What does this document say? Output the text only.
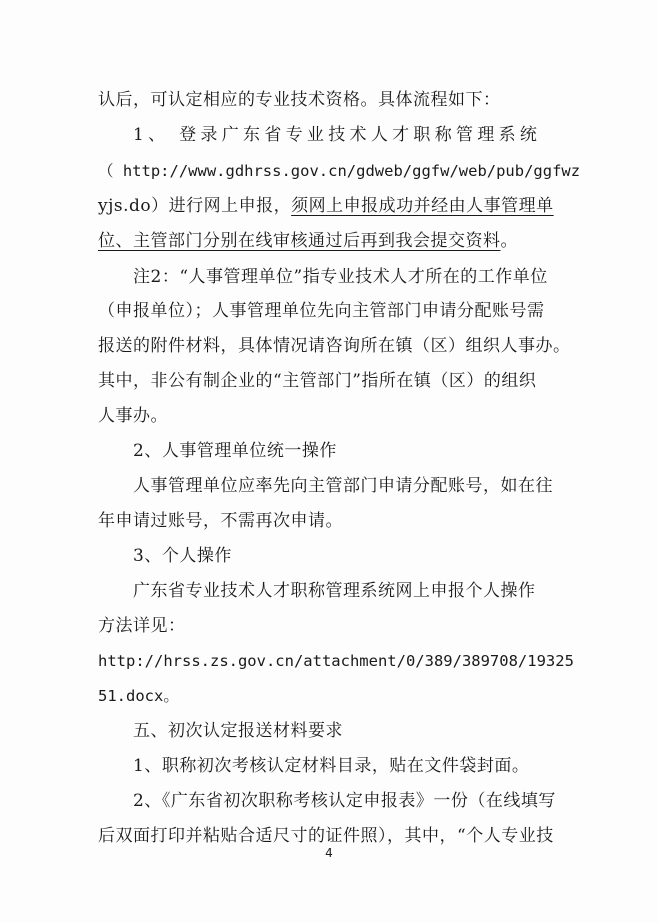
认后，可认定相应的专业技术资格。具体流程如下：
1、 登录广东省专业技术人才职称管理系统
（ http://www.gdhrss.gov.cn/gdweb/ggfw/web/pub/ggfwz
yjs.do）进行网上申报，须网上申报成功并经由人事管理单
位、主管部门分别在线审核通过后再到我会提交资料。
注2：“人事管理单位”指专业技术人才所在的工作单位
（申报单位）；人事管理单位先向主管部门申请分配账号需
报送的附件材料，具体情况请咨询所在镇（区）组织人事办。
其中，非公有制企业的“主管部门”指所在镇（区）的组织
人事办。
2、人事管理单位统一操作
人事管理单位应率先向主管部门申请分配账号，如在往
年申请过账号，不需再次申请。
3、个人操作
广东省专业技术人才职称管理系统网上申报个人操作
方法详见：
http://hrss.zs.gov.cn/attachment/0/389/389708/19325
51.docx。
五、初次认定报送材料要求
1、职称初次考核认定材料目录，贴在文件袋封面。
2、《广东省初次职称考核认定申报表》一份（在线填写
后双面打印并粘贴合适尺寸的证件照），其中，“个人专业技
4
